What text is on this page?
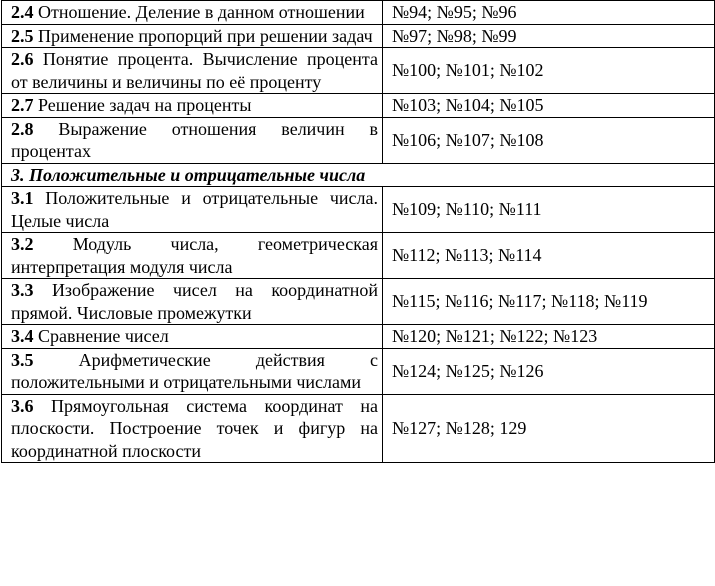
2.4 Отношение. Деление в данном отношении	№94; №95; №96
2.5 Применение пропорций при решении задач	№97; №98; №99
2.6 Понятие процента. Вычисление процента от величины и величины по её проценту	№100; №101; №102
2.7 Решение задач на проценты	№103; №104; №105
2.8 Выражение отношения величин в процентах	№106; №107; №108
3. Положительные и отрицательные числа	
3.1 Положительные и отрицательные числа. Целые числа	№109; №110; №111
3.2 Модуль числа, геометрическая интерпретация модуля числа	№112; №113; №114
3.3 Изображение чисел на координатной прямой. Числовые промежутки	№115; №116; №117; №118; №119
3.4 Сравнение чисел	№120; №121; №122; №123
3.5 Арифметические действия с положительными и отрицательными числами	№124; №125; №126
3.6 Прямоугольная система координат на плоскости. Построение точек и фигур на координатной плоскости	№127; №128; 129
